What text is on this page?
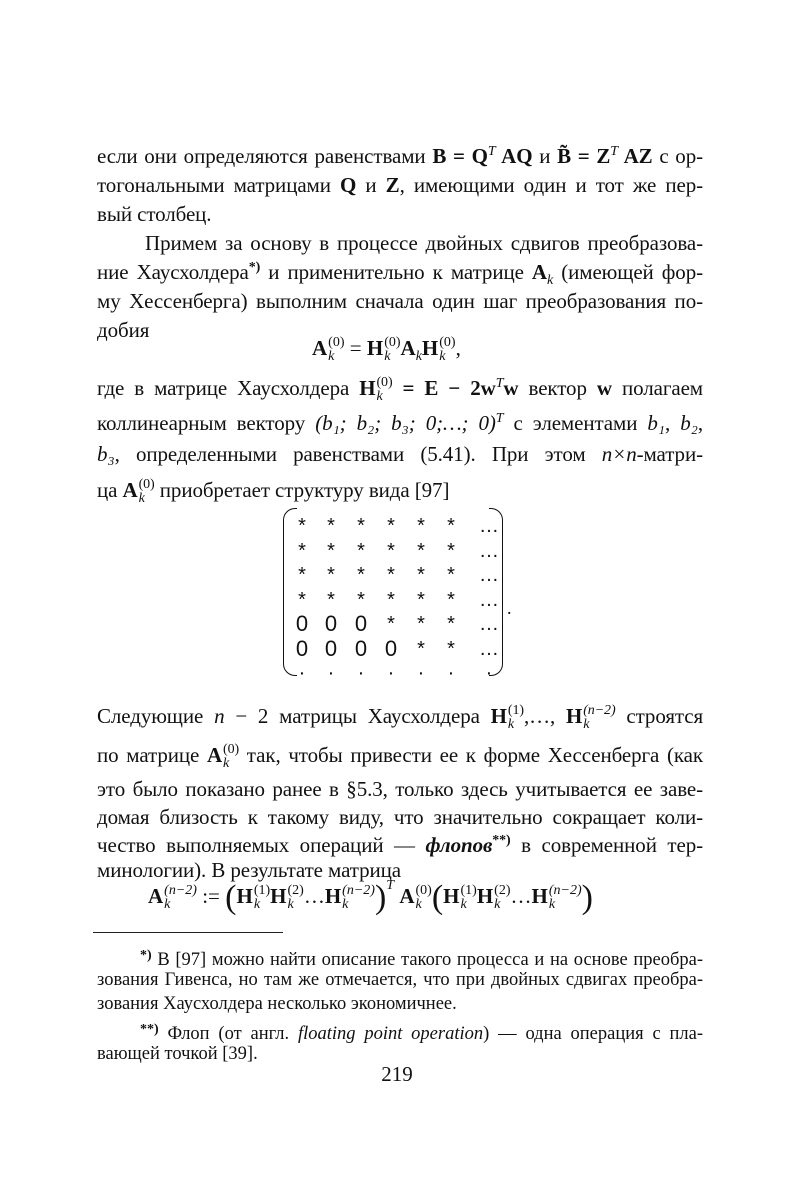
если они определяются равенствами $B = Q^T$ AQ и B̃ = $Z^T$ AZ с ор-
тогональными матрицами Q и Z, имеющими один и тот же пер-
вый столбец.
Примем за основу в процессе двойных сдвигов преобразова-
ние Хаусхолдера*) и применительно к матрице $A_k$ (имеющей фор-
му Хессенберга) выполним сначала один шаг преобразования по-
добия
A (0)
k = H (0)
k $A_kH$ (0)
k ,
где в матрице Хаусхолдера H (0)
$k = E - 2w^Tw$ вектор w полагаем
коллинеарным вектору (b₁; b₂; b₃; 0;…; 0)$^T$ с элементами b₁, b₂,
b₃, определенными равенствами (5.41). При этом n×n-матри-
ца A (0)
k приобретает структуру вида [97]
*	*	*	*	*	*	…
*	*	*	*	*	*	…
*	*	*	*	*	*	…
*	*	*	*	*	*	…
0 0 0 *	*	*	…
0 0 0 0 *	*	…
·	·	·	·	·	·	·
.
Следующие n − 2 матрицы Хаусхолдера H (1)
k ,…, H (n−2)
k	строятся
по матрице A (0)
k так, чтобы привести ее к форме Хессенберга (как
это было показано ранее в §5.3, только здесь учитывается ее заве-
домая близость к такому виду, что значительно сокращает коли-
чество выполняемых операций — флопов**) в современной тер-
минологии). В результате матрица
A (n−2)
k	:= (H (1)
k H (2)
k …H (n−2)
k )$^T$ A (0)
k (H (1)
k H (2)
k …H (n−2)
k )
*) В [97] можно найти описание такого процесса и на основе преобра-
зования Гивенса, но там же отмечается, что при двойных сдвигах преобра-
зования Хаусхолдера несколько экономичнее.
**) Флоп (от англ. floating point operation) — одна операция с пла-
вающей точкой [39].
219
